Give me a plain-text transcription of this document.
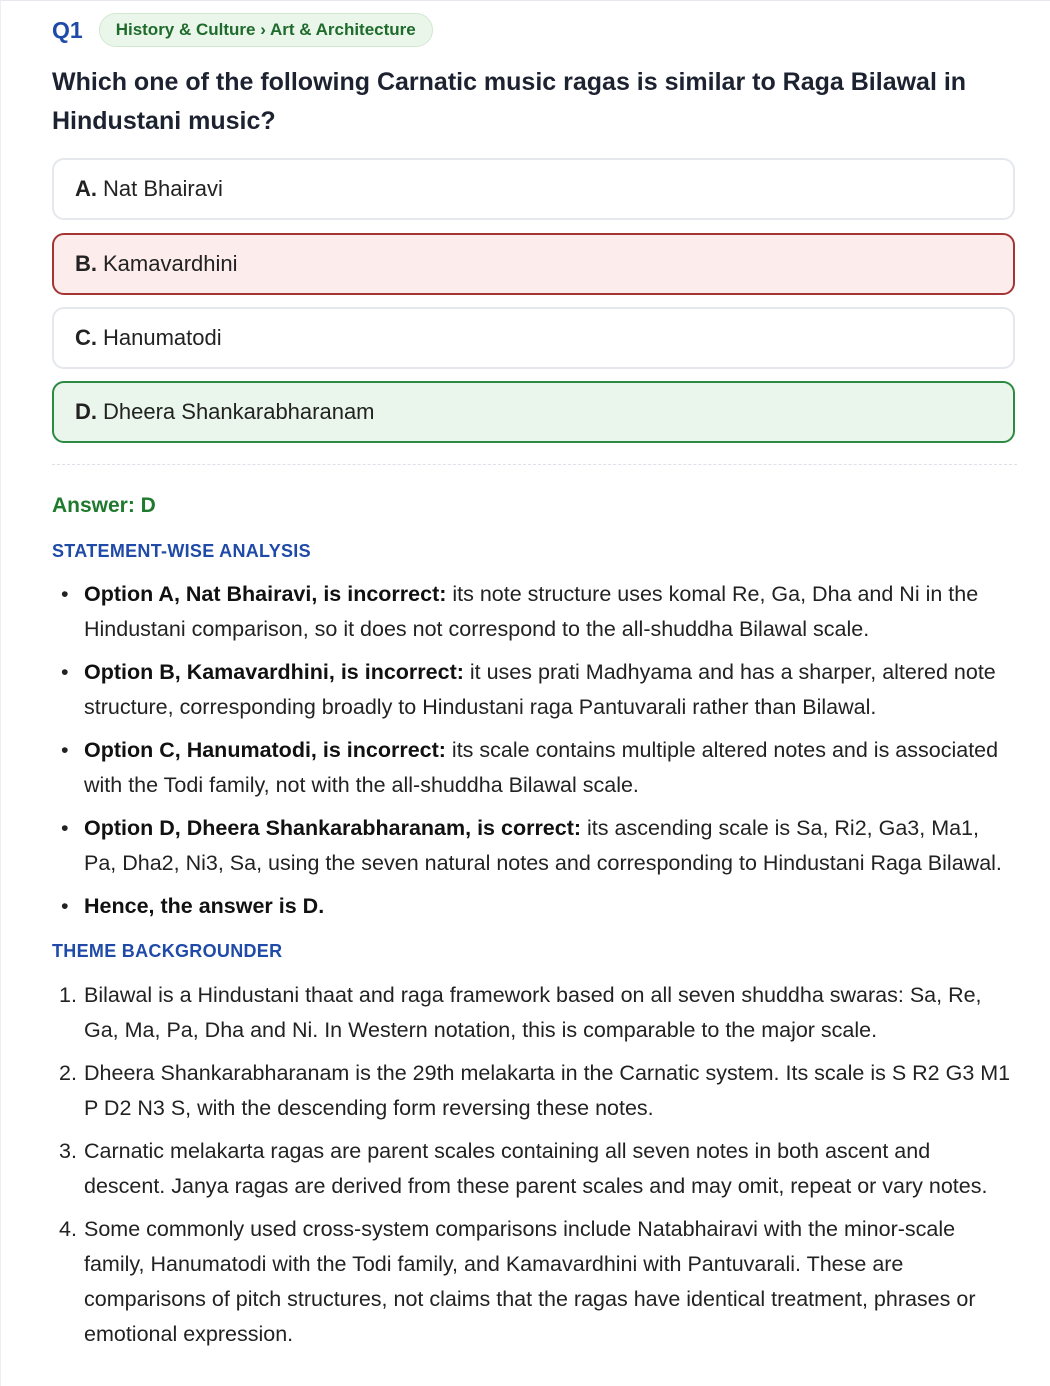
Q1	History & Culture › Art & Architecture
Which one of the following Carnatic music ragas is similar to Raga Bilawal in Hindustani music?
A. Nat Bhairavi
B. Kamavardhini
C. Hanumatodi
D. Dheera Shankarabharanam
Answer: D
STATEMENT-WISE ANALYSIS
• Option A, Nat Bhairavi, is incorrect: its note structure uses komal Re, Ga, Dha and Ni in the Hindustani comparison, so it does not correspond to the all-shuddha Bilawal scale.
• Option B, Kamavardhini, is incorrect: it uses prati Madhyama and has a sharper, altered note structure, corresponding broadly to Hindustani raga Pantuvarali rather than Bilawal.
• Option C, Hanumatodi, is incorrect: its scale contains multiple altered notes and is associated with the Todi family, not with the all-shuddha Bilawal scale.
• Option D, Dheera Shankarabharanam, is correct: its ascending scale is Sa, Ri2, Ga3, Ma1, Pa, Dha2, Ni3, Sa, using the seven natural notes and corresponding to Hindustani Raga Bilawal.
• Hence, the answer is D.
THEME BACKGROUNDER
1. Bilawal is a Hindustani thaat and raga framework based on all seven shuddha swaras: Sa, Re, Ga, Ma, Pa, Dha and Ni. In Western notation, this is comparable to the major scale.
2. Dheera Shankarabharanam is the 29th melakarta in the Carnatic system. Its scale is S R2 G3 M1 P D2 N3 S, with the descending form reversing these notes.
3. Carnatic melakarta ragas are parent scales containing all seven notes in both ascent and descent. Janya ragas are derived from these parent scales and may omit, repeat or vary notes.
4. Some commonly used cross-system comparisons include Natabhairavi with the minor-scale family, Hanumatodi with the Todi family, and Kamavardhini with Pantuvarali. These are comparisons of pitch structures, not claims that the ragas have identical treatment, phrases or emotional expression.
